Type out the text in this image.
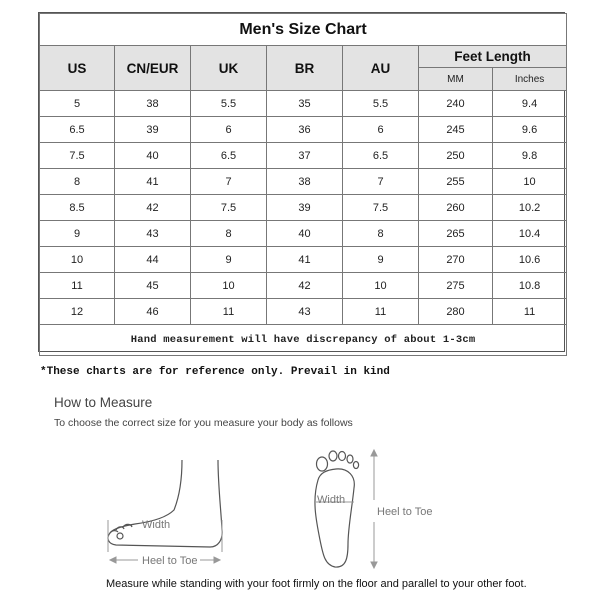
Men's Size Chart						
US	CN/EUR	UK	BR	AU	Feet Length	
					MM	Inches
5	38	5.5	35	5.5	240	9.4
6.5	39	6	36	6	245	9.6
7.5	40	6.5	37	6.5	250	9.8
8	41	7	38	7	255	10
8.5	42	7.5	39	7.5	260	10.2
9	43	8	40	8	265	10.4
10	44	9	41	9	270	10.6
11	45	10	42	10	275	10.8
12	46	11	43	11	280	11
Hand measurement will have discrepancy of about 1-3cm						
*These charts are for reference only. Prevail in kind
How to Measure
To choose the correct size for you measure your body as follows
Width
Heel to Toe
Width
Heel to Toe
Measure while standing with your foot firmly on the floor and parallel to your other foot.
